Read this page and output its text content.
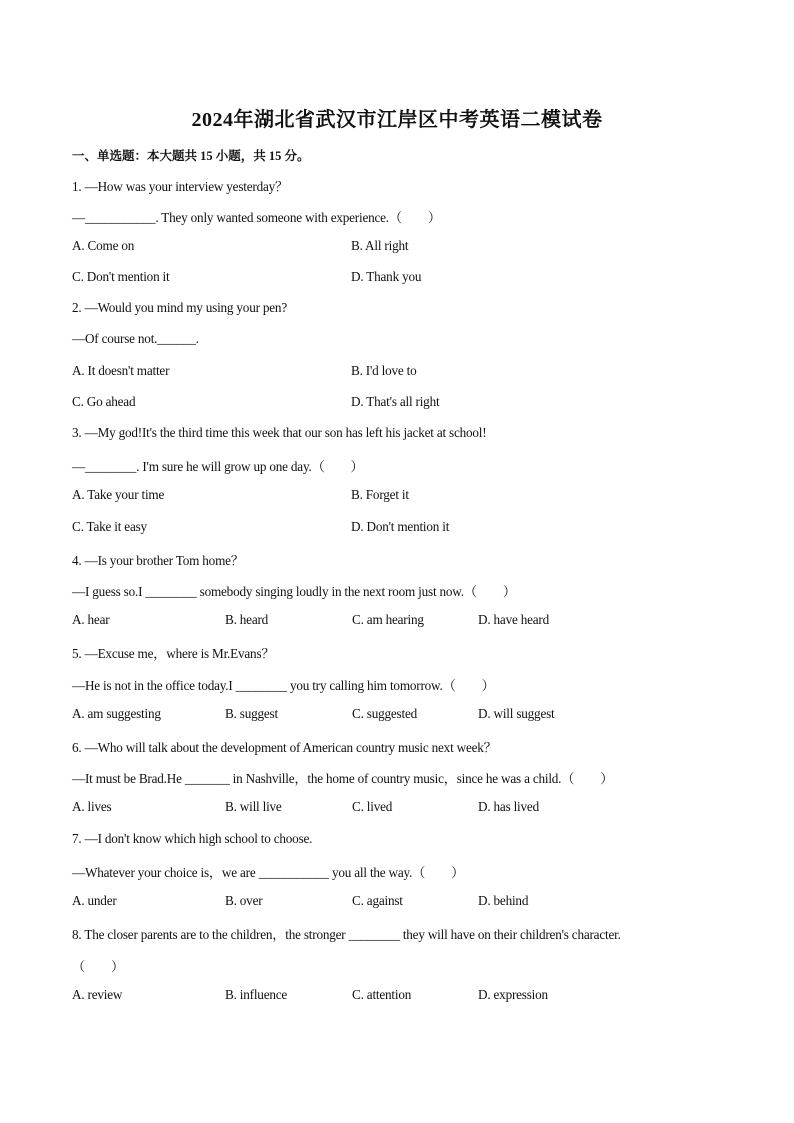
2024年湖北省武汉市江岸区中考英语二模试卷
一、单选题：本大题共 15 小题，共 15 分。
1. —How was your interview yesterday？
—___________. They only wanted someone with experience.（　　）
A. Come on	B. All right
C. Don't mention it	D. Thank you
2. —Would you mind my using your pen?
—Of course not.______.
A. It doesn't matter	B. I'd love to
C. Go ahead	D. That's all right
3. —My god!It's the third time this week that our son has left his jacket at school!
—________. I'm sure he will grow up one day.（　　）
A. Take your time	B. Forget it
C. Take it easy	D. Don't mention it
4. —Is your brother Tom home？
—I guess so.I ________ somebody singing loudly in the next room just now.（　　）
A. hear	B. heard	C. am hearing	D. have heard
5. —Excuse me，where is Mr.Evans？
—He is not in the office today.I ________ you try calling him tomorrow.（　　）
A. am suggesting	B. suggest	C. suggested	D. will suggest
6. —Who will talk about the development of American country music next week？
—It must be Brad.He _______ in Nashville，the home of country music，since he was a child.（　　）
A. lives	B. will live	C. lived	D. has lived
7. —I don't know which high school to choose.
—Whatever your choice is，we are ___________ you all the way.（　　）
A. under	B. over	C. against	D. behind
8. The closer parents are to the children，the stronger ________ they will have on their children's character.
（　　）
A. review	B. influence	C. attention	D. expression
